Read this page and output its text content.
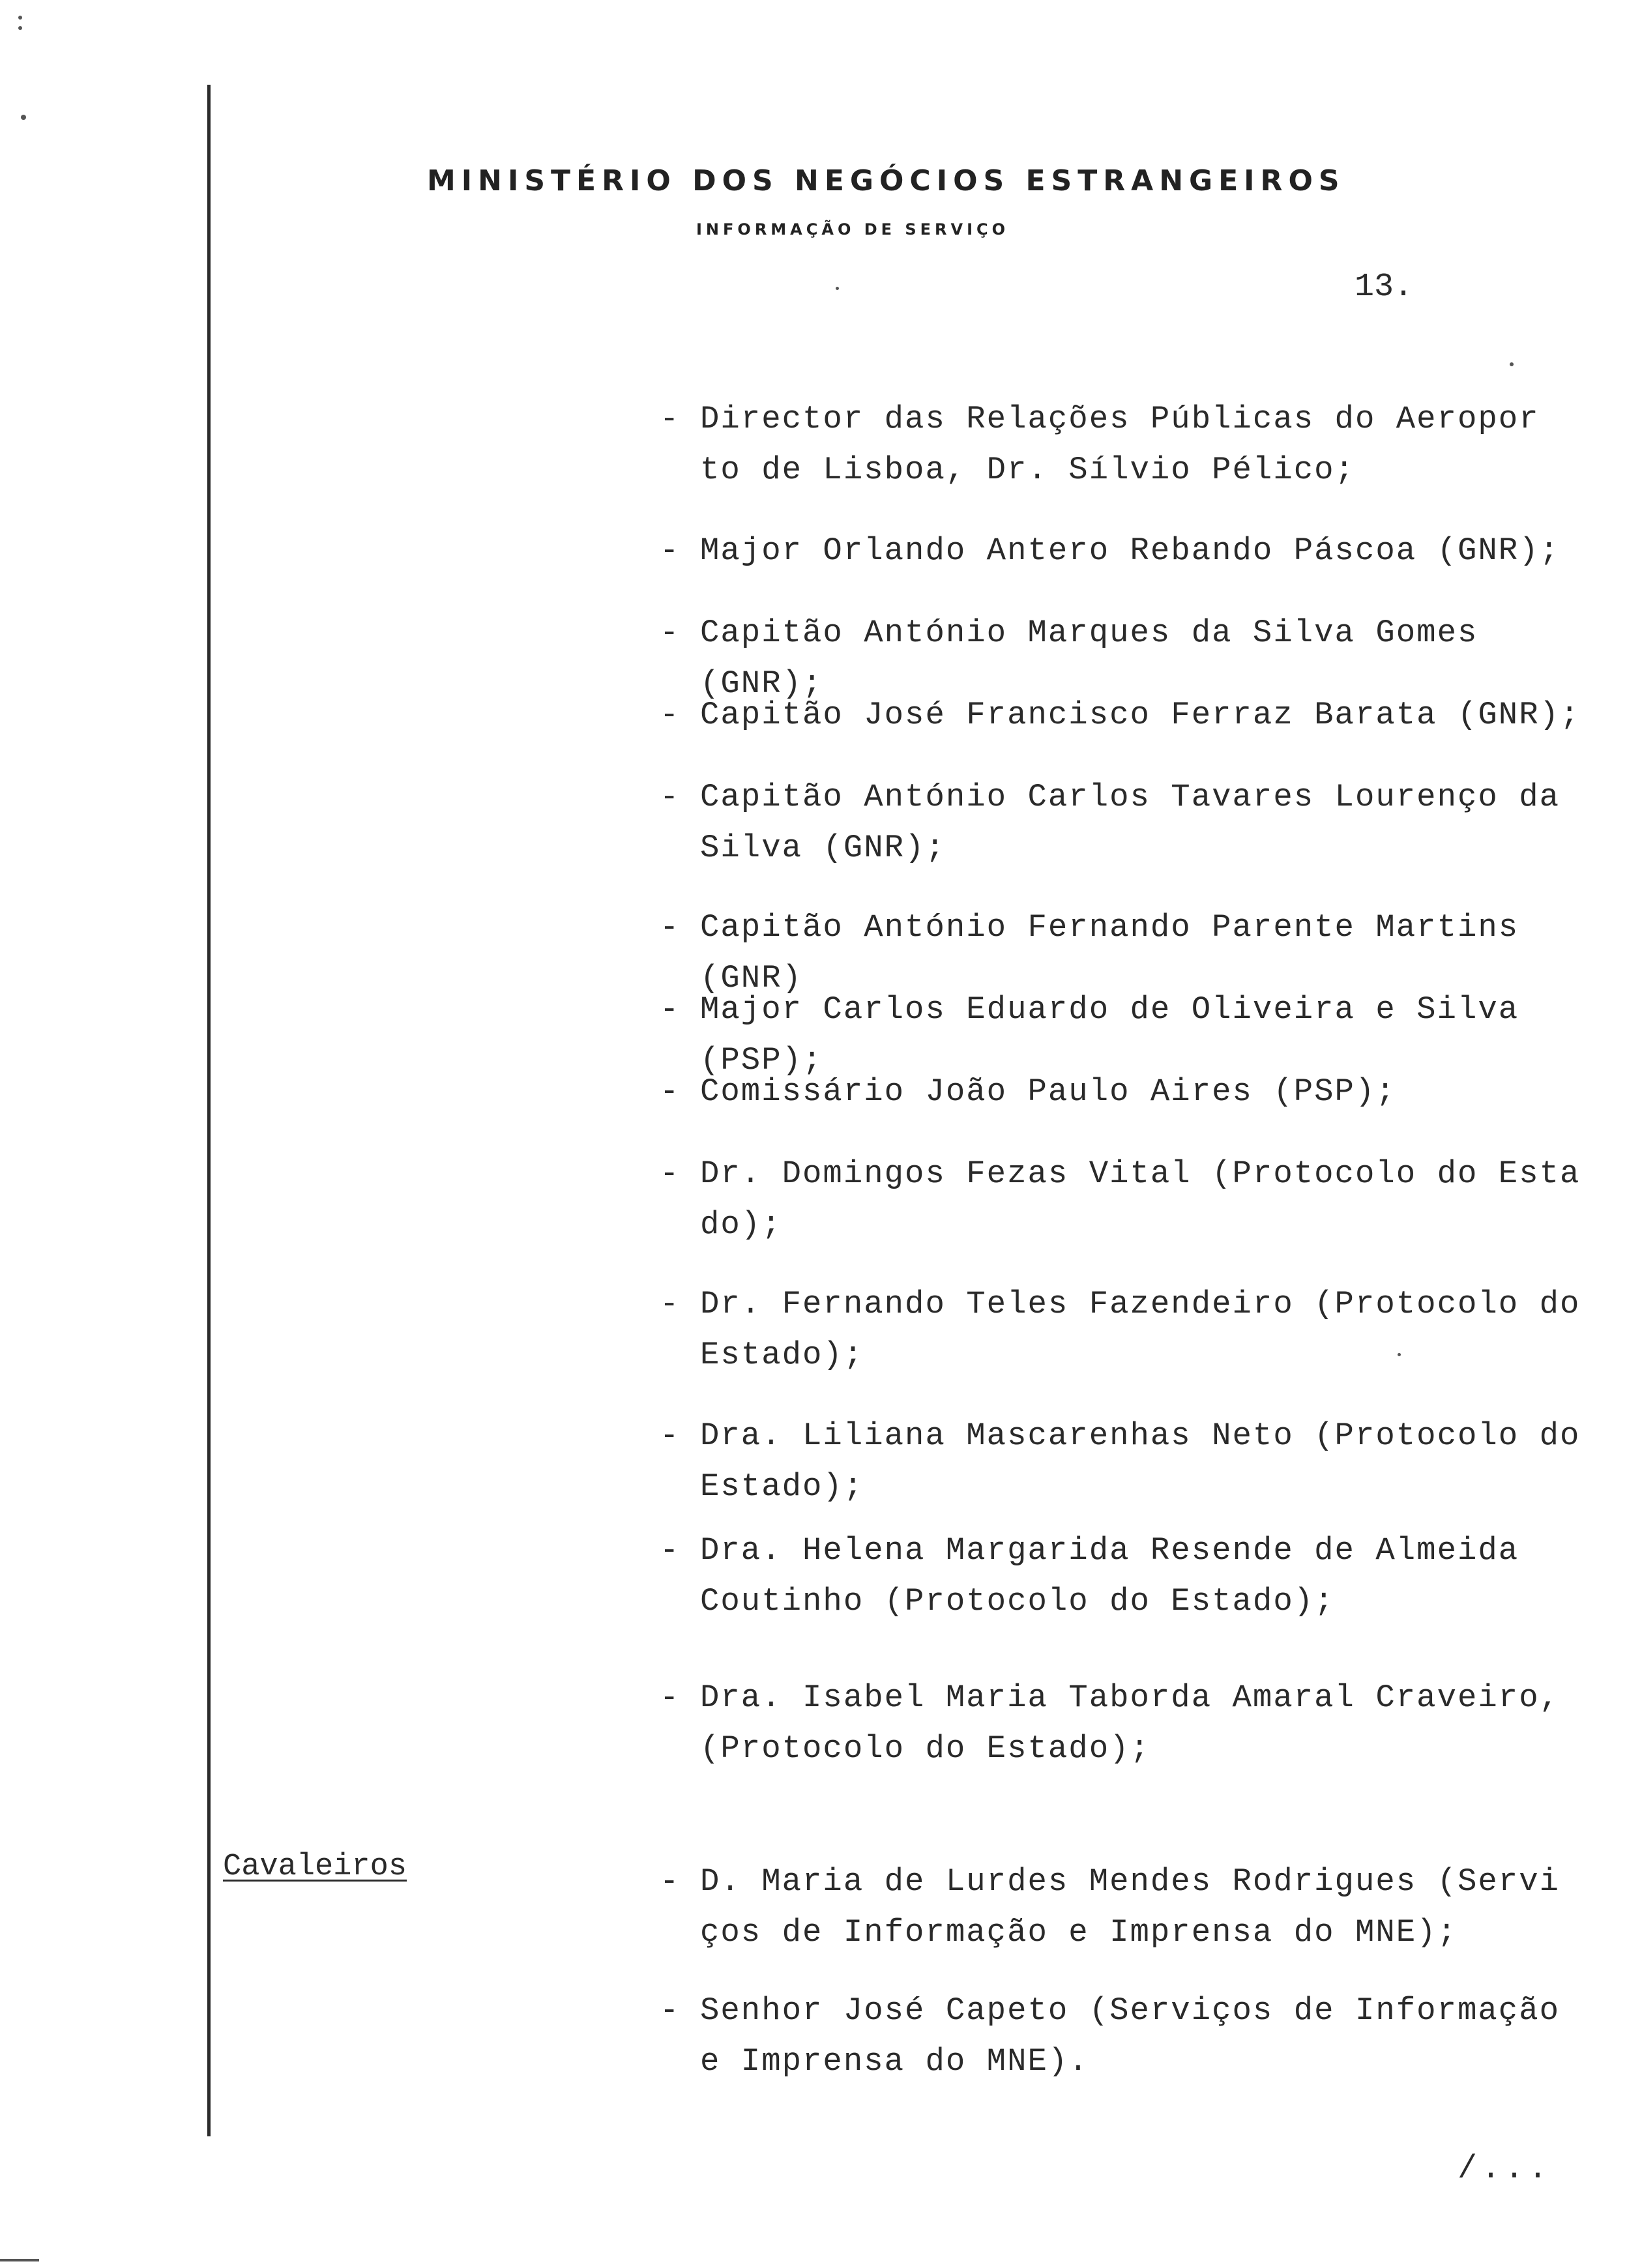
MINISTÉRIO DOS NEGÓCIOS ESTRANGEIROS
INFORMAÇÃO DE SERVIÇO
13.
Cavaleiros
- Director das Relações Públicas do Aeropor
to de Lisboa, Dr. Sílvio Pélico;
- Major Orlando Antero Rebando Páscoa (GNR);
- Capitão António Marques da Silva Gomes (GNR);
- Capitão José Francisco Ferraz Barata (GNR);
- Capitão António Carlos Tavares Lourenço da
Silva (GNR);
- Capitão António Fernando Parente Martins (GNR)
- Major Carlos Eduardo de Oliveira e Silva (PSP);
- Comissário João Paulo Aires (PSP);
- Dr. Domingos Fezas Vital (Protocolo do Esta
do);
- Dr. Fernando Teles Fazendeiro (Protocolo do
Estado);
- Dra. Liliana Mascarenhas Neto (Protocolo do
Estado);
- Dra. Helena Margarida Resende de Almeida
Coutinho (Protocolo do Estado);
- Dra. Isabel Maria Taborda Amaral Craveiro,
(Protocolo do Estado);
- D. Maria de Lurdes Mendes Rodrigues (Servi
ços de Informação e Imprensa do MNE);
- Senhor José Capeto (Serviços de Informação
e Imprensa do MNE).
/...
